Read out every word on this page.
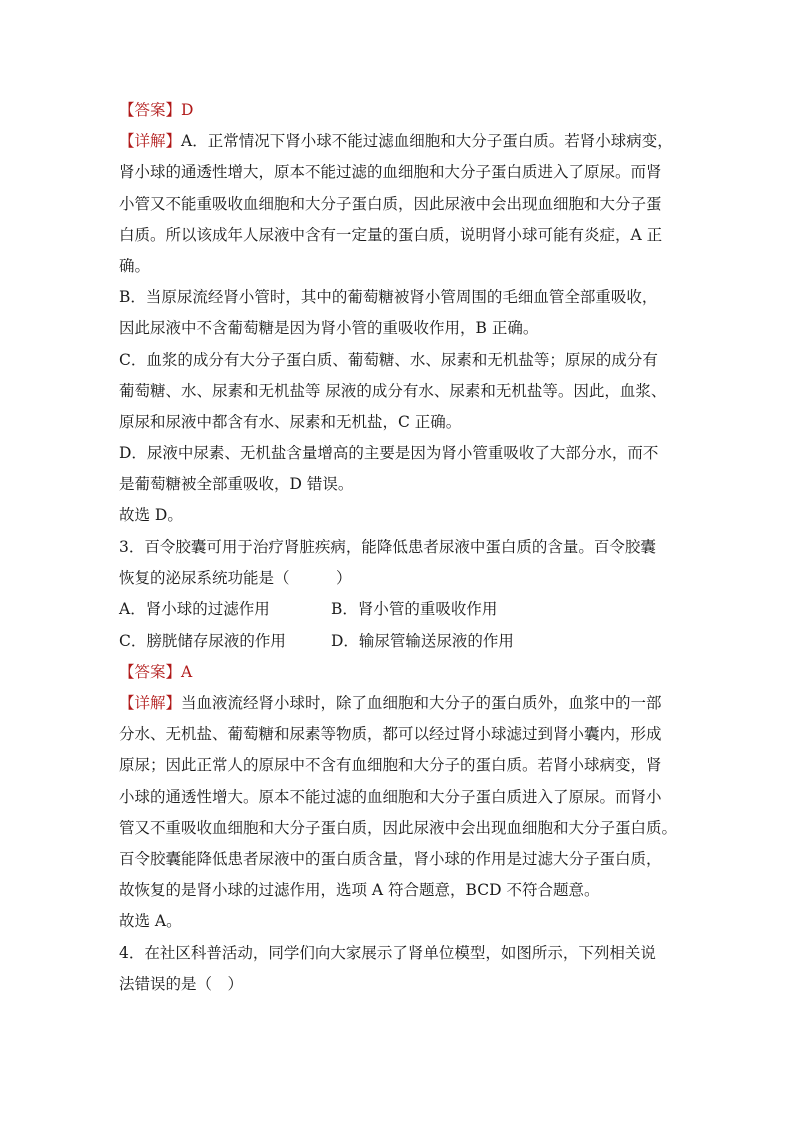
【答案】D
【详解】A．正常情况下肾小球不能过滤血细胞和大分子蛋白质。若肾小球病变，
肾小球的通透性增大，原本不能过滤的血细胞和大分子蛋白质进入了原尿。而肾
小管又不能重吸收血细胞和大分子蛋白质，因此尿液中会出现血细胞和大分子蛋
白质。所以该成年人尿液中含有一定量的蛋白质，说明肾小球可能有炎症，A 正
确。
B．当原尿流经肾小管时，其中的葡萄糖被肾小管周围的毛细血管全部重吸收，
因此尿液中不含葡萄糖是因为肾小管的重吸收作用，B 正确。
C．血浆的成分有大分子蛋白质、葡萄糖、水、尿素和无机盐等；原尿的成分有
葡萄糖、水、尿素和无机盐等 尿液的成分有水、尿素和无机盐等。因此，血浆、
原尿和尿液中都含有水、尿素和无机盐，C 正确。
D．尿液中尿素、无机盐含量增高的主要是因为肾小管重吸收了大部分水，而不
是葡萄糖被全部重吸收，D 错误。
故选 D。
3．百令胶囊可用于治疗肾脏疾病，能降低患者尿液中蛋白质的含量。百令胶囊
恢复的泌尿系统功能是（　　　）
A．肾小球的过滤作用	B．肾小管的重吸收作用
C．膀胱储存尿液的作用	D．输尿管输送尿液的作用
【答案】A
【详解】当血液流经肾小球时，除了血细胞和大分子的蛋白质外，血浆中的一部
分水、无机盐、葡萄糖和尿素等物质，都可以经过肾小球滤过到肾小囊内，形成
原尿；因此正常人的原尿中不含有血细胞和大分子的蛋白质。若肾小球病变，肾
小球的通透性增大。原本不能过滤的血细胞和大分子蛋白质进入了原尿。而肾小
管又不重吸收血细胞和大分子蛋白质，因此尿液中会出现血细胞和大分子蛋白质。
百令胶囊能降低患者尿液中的蛋白质含量，肾小球的作用是过滤大分子蛋白质，
故恢复的是肾小球的过滤作用，选项 A 符合题意，BCD 不符合题意。
故选 A。
4．在社区科普活动，同学们向大家展示了肾单位模型，如图所示，下列相关说
法错误的是（　）
